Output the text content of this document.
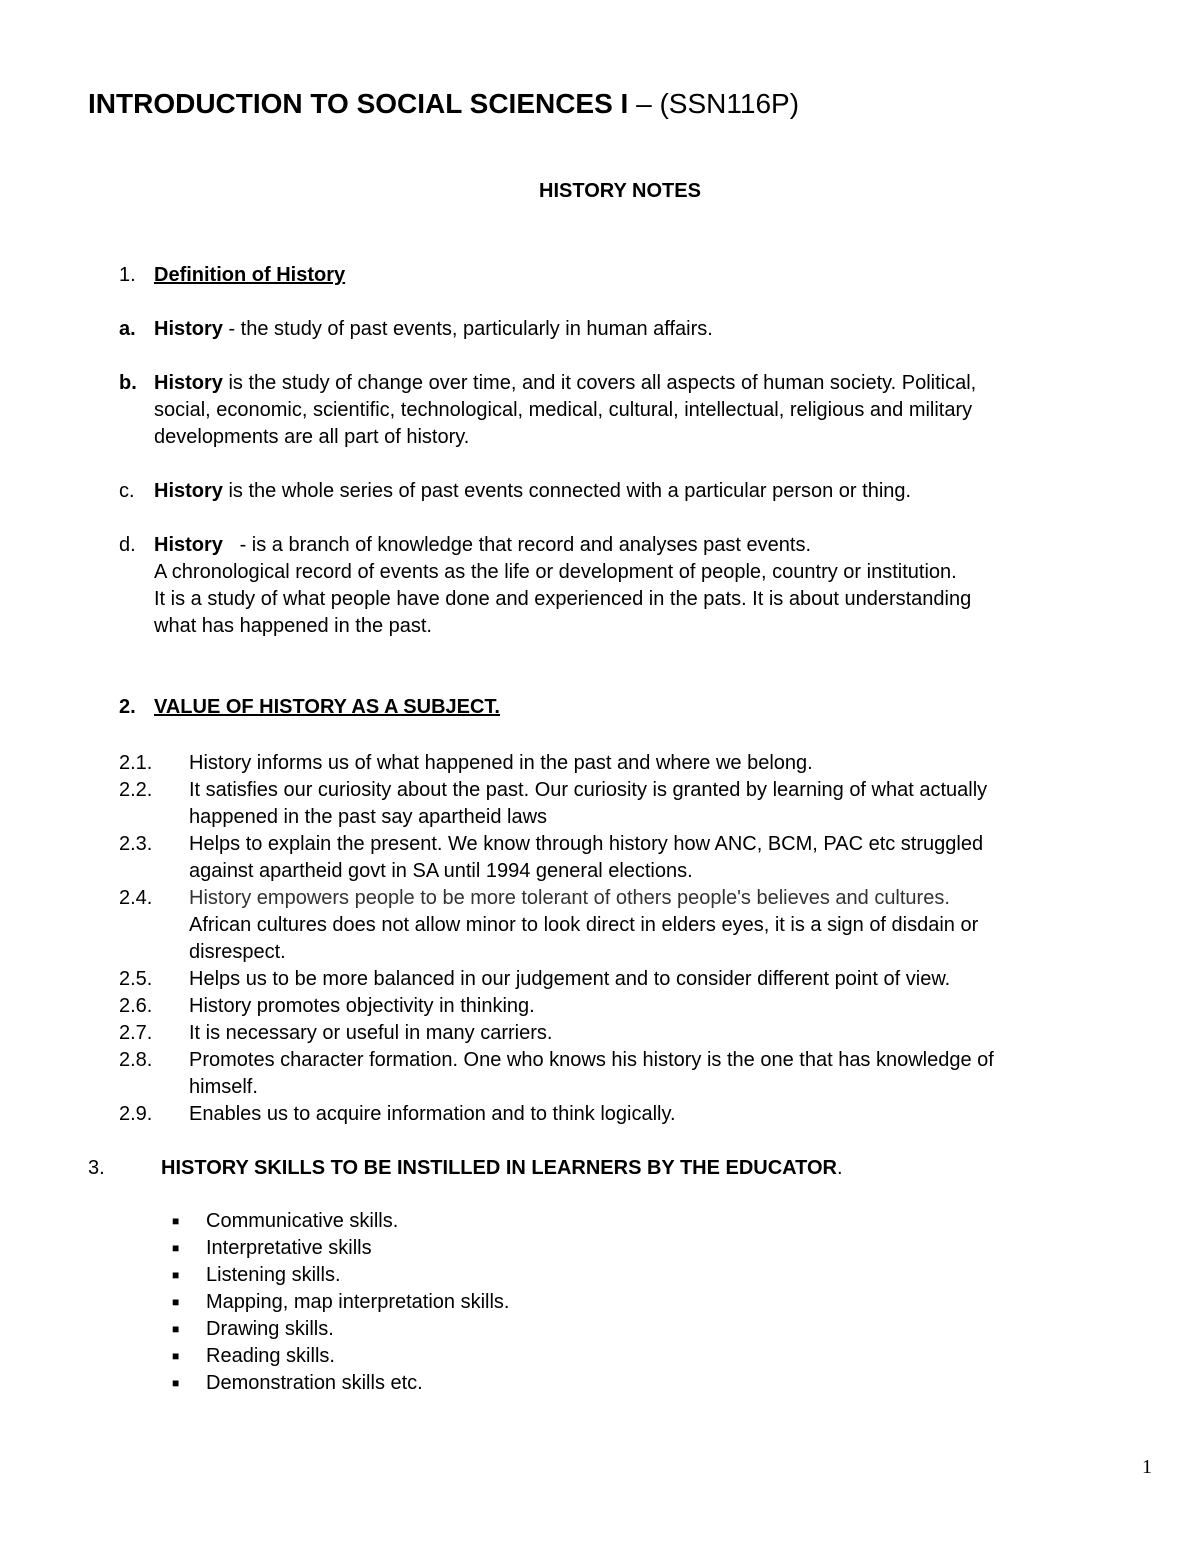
INTRODUCTION TO SOCIAL SCIENCES I – (SSN116P)
HISTORY NOTES
1. Definition of History
a. History - the study of past events, particularly in human affairs.
b. History is the study of change over time, and it covers all aspects of human society. Political,
social, economic, scientific, technological, medical, cultural, intellectual, religious and military
developments are all part of history.
c. History is the whole series of past events connected with a particular person or thing.
d. History   - is a branch of knowledge that record and analyses past events.
A chronological record of events as the life or development of people, country or institution.
It is a study of what people have done and experienced in the pats. It is about understanding
what has happened in the past.
2. VALUE OF HISTORY AS A SUBJECT.
2.1. History informs us of what happened in the past and where we belong.
2.2. It satisfies our curiosity about the past. Our curiosity is granted by learning of what actually
happened in the past say apartheid laws
2.3. Helps to explain the present. We know through history how ANC, BCM, PAC etc struggled
against apartheid govt in SA until 1994 general elections.
2.4. History empowers people to be more tolerant of others people's believes and cultures.
African cultures does not allow minor to look direct in elders eyes, it is a sign of disdain or
disrespect.
2.5. Helps us to be more balanced in our judgement and to consider different point of view.
2.6. History promotes objectivity in thinking.
2.7. It is necessary or useful in many carriers.
2.8. Promotes character formation. One who knows his history is the one that has knowledge of
himself.
2.9. Enables us to acquire information and to think logically.
3.	HISTORY SKILLS TO BE INSTILLED IN LEARNERS BY THE EDUCATOR.
■ Communicative skills.
■ Interpretative skills
■ Listening skills.
■ Mapping, map interpretation skills.
■ Drawing skills.
■ Reading skills.
■ Demonstration skills etc.
1
